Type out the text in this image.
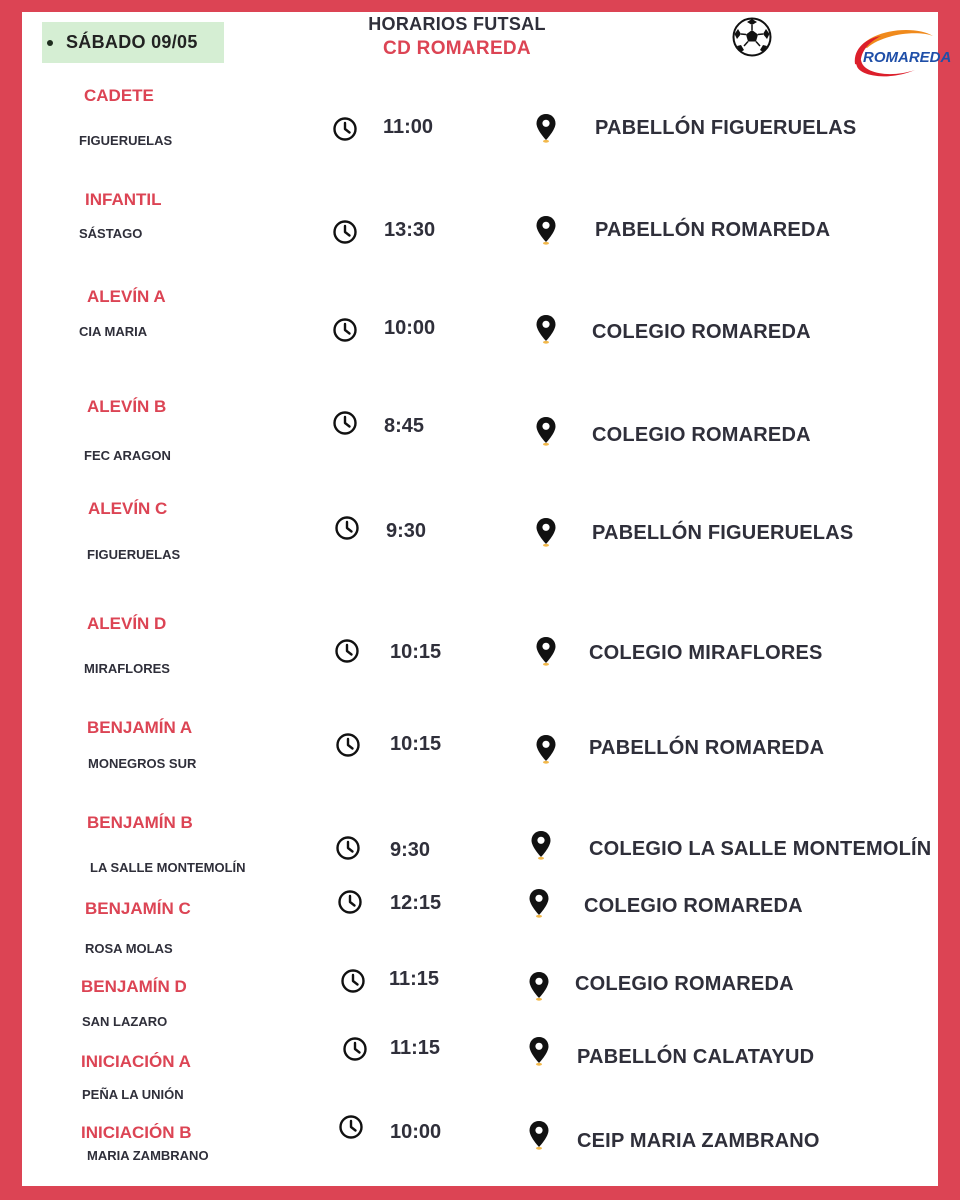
SÁBADO 09/05
HORARIOS FUTSAL
CD ROMAREDA	ROMAREDA
CADETE
FIGUERUELAS
11:00	PABELLÓN FIGUERUELAS
INFANTIL
SÁSTAGO	13:30	PABELLÓN ROMAREDA
ALEVÍN A
CIA MARIA	10:00	COLEGIO ROMAREDA
ALEVÍN B
FEC ARAGON
8:45	COLEGIO ROMAREDA
ALEVÍN C
FIGUERUELAS
9:30	PABELLÓN FIGUERUELAS
ALEVÍN D
MIRAFLORES
10:15	COLEGIO MIRAFLORES
BENJAMÍN A
MONEGROS SUR
10:15	PABELLÓN ROMAREDA
BENJAMÍN B
LA SALLE MONTEMOLÍN
9:30	COLEGIO LA SALLE MONTEMOLÍN
BENJAMÍN C
ROSA MOLAS
12:15	COLEGIO ROMAREDA
BENJAMÍN D
SAN LAZARO
11:15	COLEGIO ROMAREDA
INICIACIÓN A
PEÑA LA UNIÓN
11:15	PABELLÓN CALATAYUD
INICIACIÓN B
MARIA ZAMBRANO
10:00	CEIP MARIA ZAMBRANO
